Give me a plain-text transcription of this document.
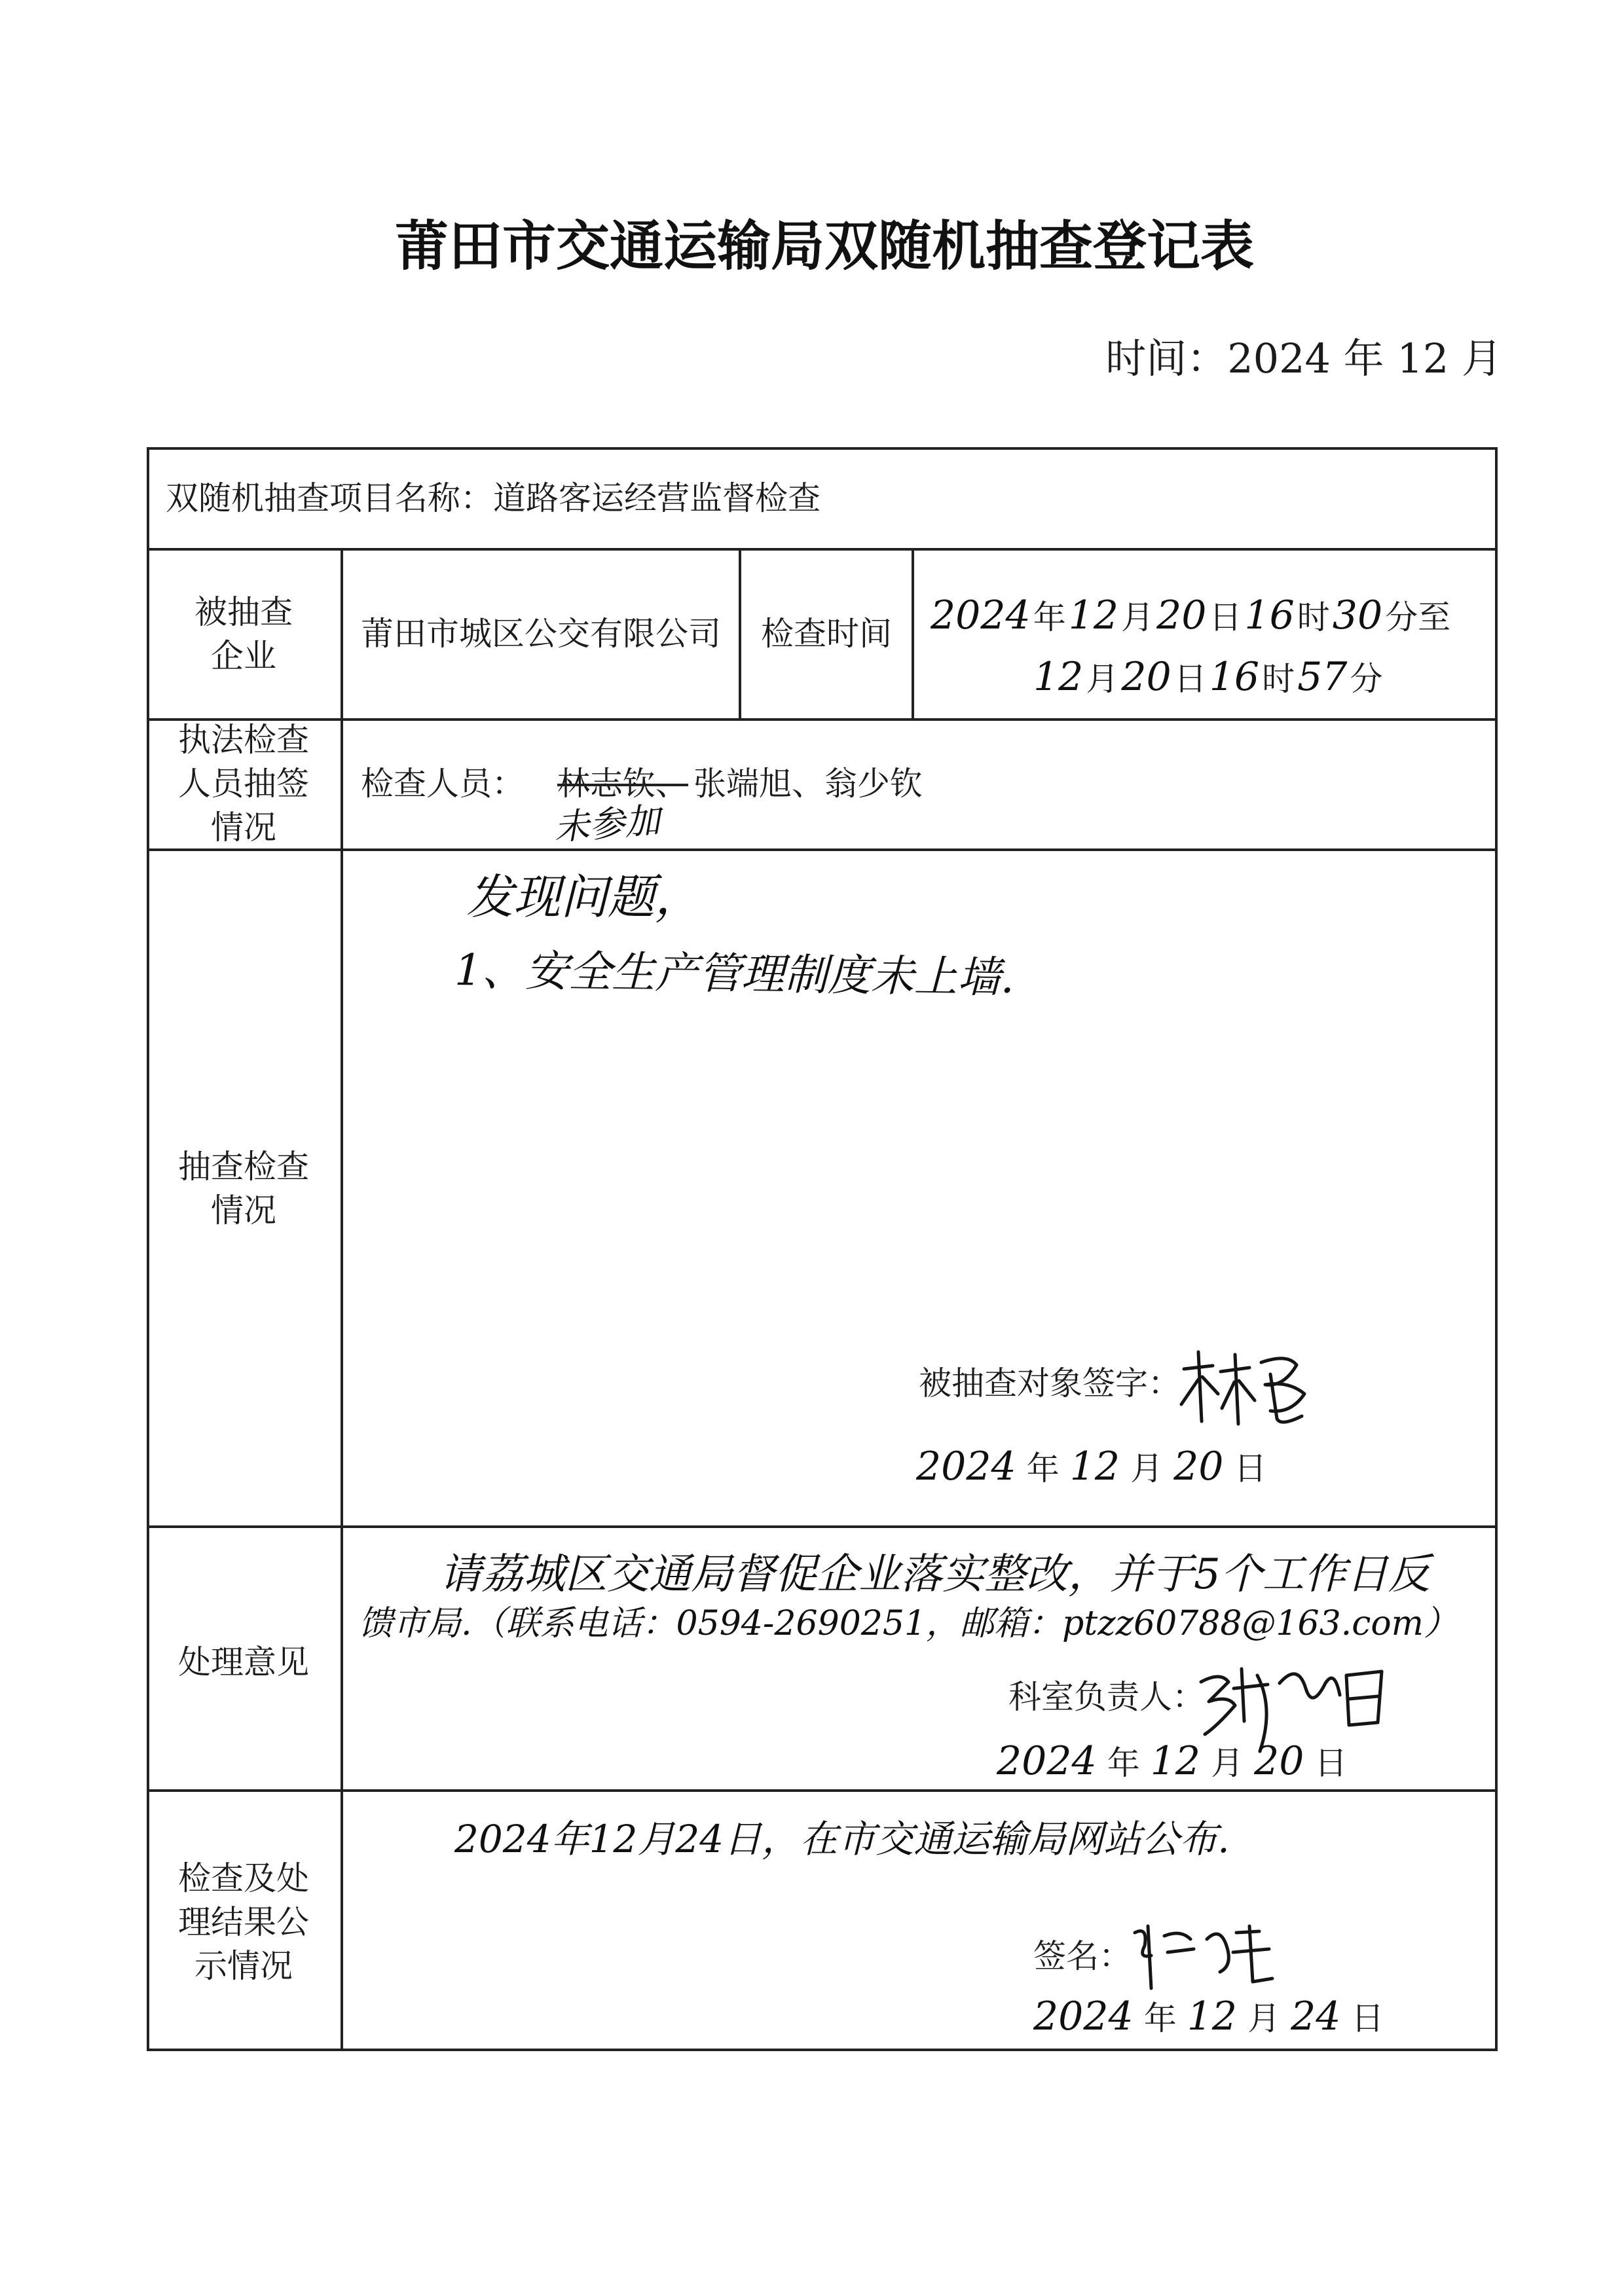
莆田市交通运输局双随机抽查登记表
时间：2024 年 12 月
双随机抽查项目名称：道路客运经营监督检查
被抽查
企业
莆田市城区公交有限公司	检查时间 2024 年 12 月 20 日 16 时 30 分 至
12 月 20 日 16 时 57 分
执法检查
人员抽签
情况
检查人员： 林志钦、 张端旭、翁少钦
未参加
抽查检查
情况
发现问题，
1、安全生产管理制度未上墙.
被抽查对象签字：
2024 年 12 月 20 日
处理意见
请荔城区交通局督促企业落实整改，并于5个工作日反
馈市局.（联系电话：0594-2690251，邮箱：ptzz60788@163.com）
科室负责人：
2024 年 12 月 20 日
检查及处
理结果公
示情况
2024年12月24日，在市交通运输局网站公布.
签名：
2024 年 12 月 24 日
